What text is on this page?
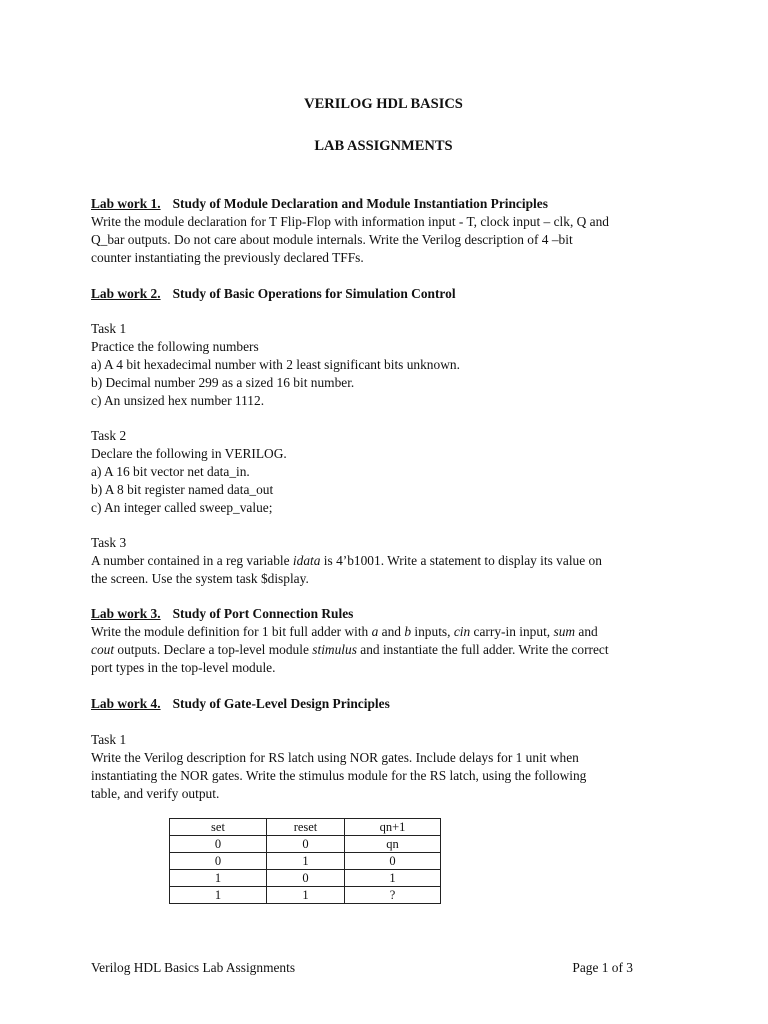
VERILOG HDL BASICS
LAB ASSIGNMENTS
Lab work 1. Study of Module Declaration and Module Instantiation Principles
Write the module declaration for T Flip-Flop with information input - T, clock input – clk, Q and
Q_bar outputs. Do not care about module internals. Write the Verilog description of 4 –bit
counter instantiating the previously declared TFFs.
Lab work 2. Study of Basic Operations for Simulation Control
Task 1
Practice the following numbers
a) A 4 bit hexadecimal number with 2 least significant bits unknown.
b) Decimal number 299 as a sized 16 bit number.
c) An unsized hex number 1112.
Task 2
Declare the following in VERILOG.
a) A 16 bit vector net data_in.
b) A 8 bit register named data_out
c) An integer called sweep_value;
Task 3
A number contained in a reg variable idata is 4’b1001. Write a statement to display its value on
the screen. Use the system task $display.
Lab work 3. Study of Port Connection Rules
Write the module definition for 1 bit full adder with a and b inputs, cin carry-in input, sum and
cout outputs. Declare a top-level module stimulus and instantiate the full adder. Write the correct
port types in the top-level module.
Lab work 4. Study of Gate-Level Design Principles
Task 1
Write the Verilog description for RS latch using NOR gates. Include delays for 1 unit when
instantiating the NOR gates. Write the stimulus module for the RS latch, using the following
table, and verify output.
set	reset	qn+1
0	0	qn
0	1	0
1	0	1
1	1	?
Verilog HDL Basics Lab Assignments	Page 1 of 3
